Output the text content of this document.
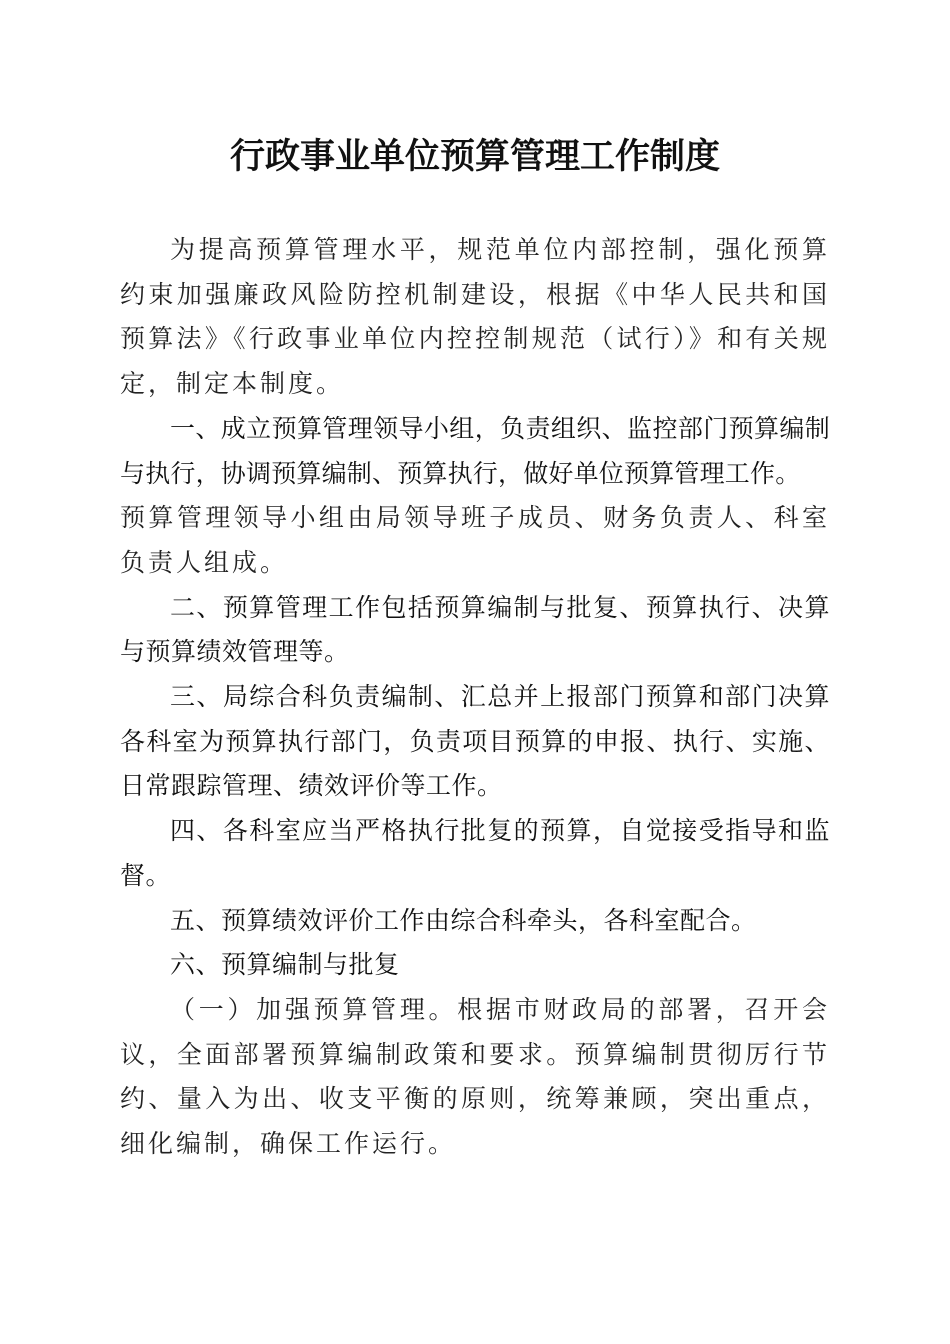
行政事业单位预算管理工作制度

为提高预算管理水平，规范单位内部控制，强化预算约束加强廉政风险防控机制建设，根据《中华人民共和国预算法》《行政事业单位内控控制规范（试行）》和有关规定，制定本制度。

一、成立预算管理领导小组，负责组织、监控部门预算编制与执行，协调预算编制、预算执行，做好单位预算管理工作。

预算管理领导小组由局领导班子成员、财务负责人、科室负责人组成。

二、预算管理工作包括预算编制与批复、预算执行、决算与预算绩效管理等。

三、局综合科负责编制、汇总并上报部门预算和部门决算各科室为预算执行部门，负责项目预算的申报、执行、实施、日常跟踪管理、绩效评价等工作。

四、各科室应当严格执行批复的预算，自觉接受指导和监督。

五、预算绩效评价工作由综合科牵头，各科室配合。

六、预算编制与批复

（一）加强预算管理。根据市财政局的部署，召开会议，全面部署预算编制政策和要求。预算编制贯彻厉行节约、量入为出、收支平衡的原则，统筹兼顾，突出重点，细化编制，确保工作运行。
